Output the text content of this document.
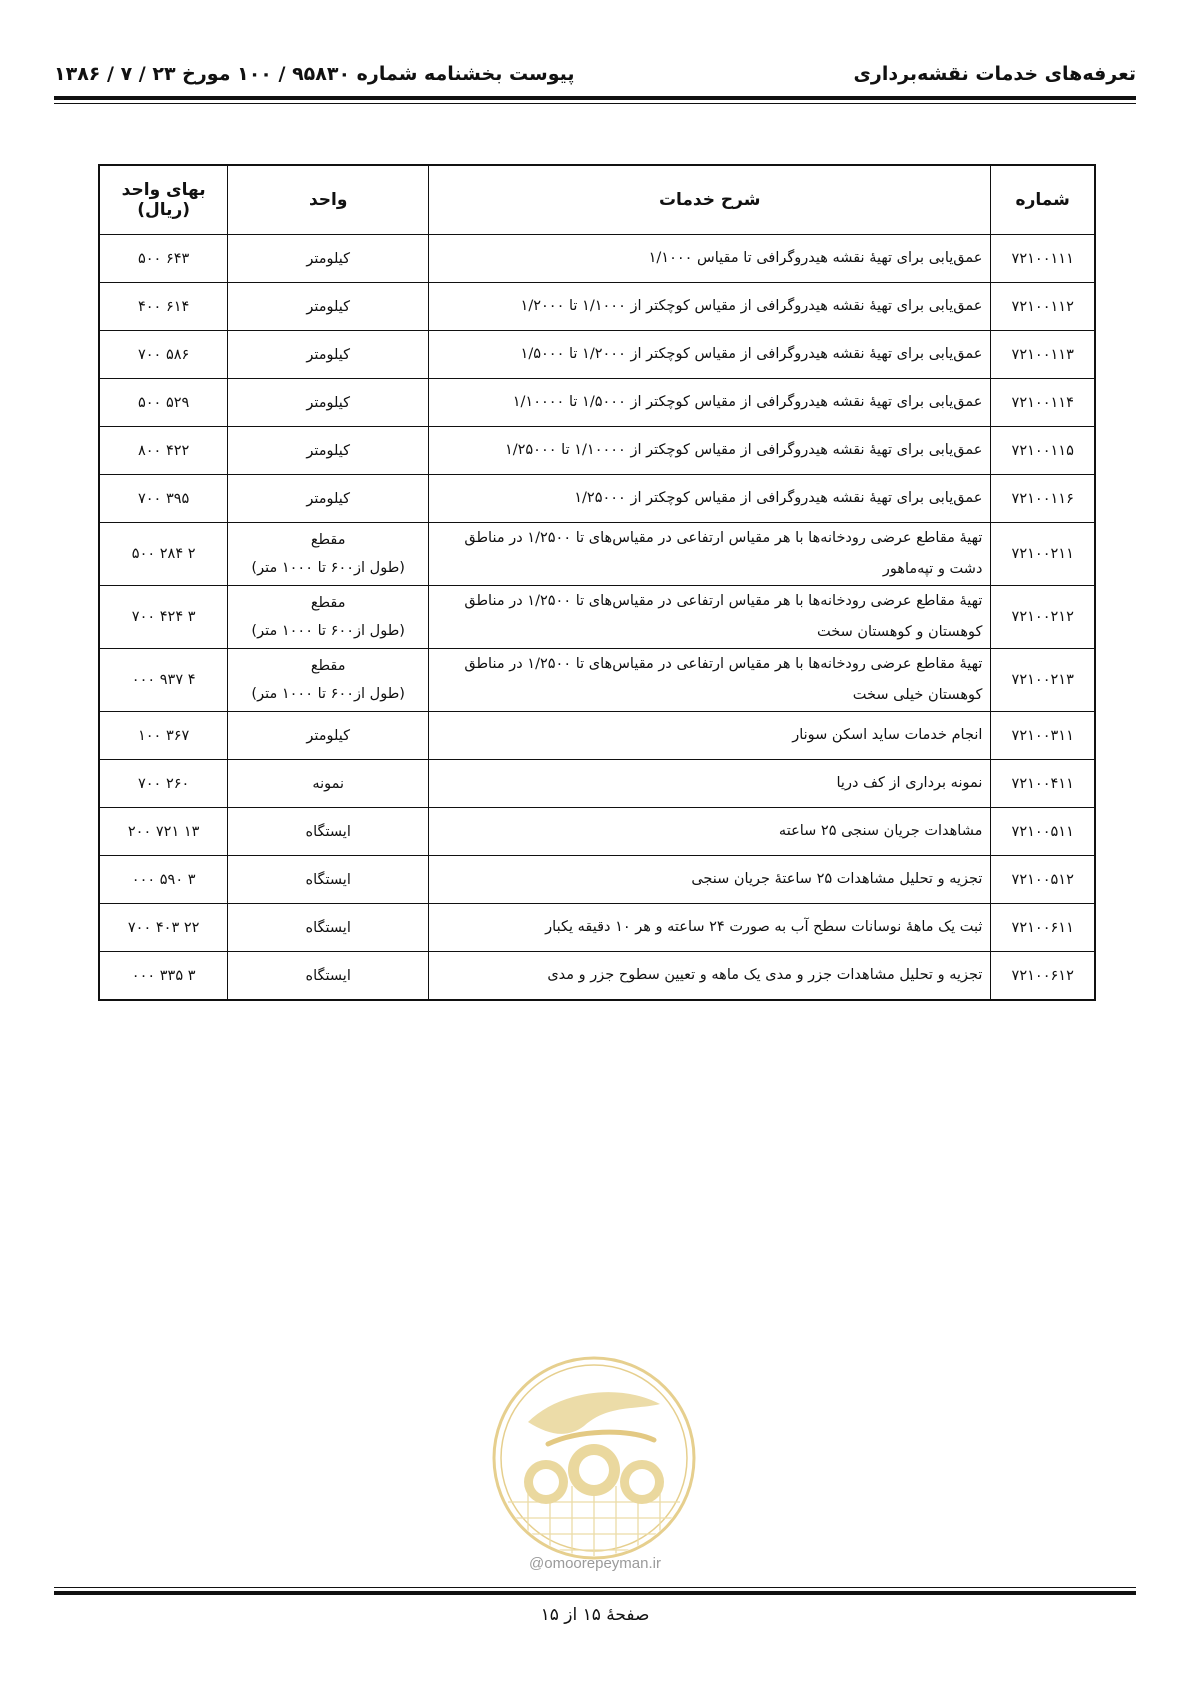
تعرفه‌های خدمات نقشه‌برداری
پیوست بخشنامه شماره ۹۵۸۳۰ / ۱۰۰ مورخ ۲۳ / ۷ / ۱۳۸۶
شماره	شرح خدمات	واحد	بهای واحد
(ریال)

۷۲۱۰۰۱۱۱	عمق‌یابی برای تهیهٔ نقشه هیدروگرافی تا مقیاس ۱/۱۰۰۰	کیلومتر	۶۴۳ ۵۰۰
۷۲۱۰۰۱۱۲	عمق‌یابی برای تهیهٔ نقشه هیدروگرافی از مقیاس کوچکتر از ۱/۱۰۰۰ تا ۱/۲۰۰۰	کیلومتر	۶۱۴ ۴۰۰
۷۲۱۰۰۱۱۳	عمق‌یابی برای تهیهٔ نقشه هیدروگرافی از مقیاس کوچکتر از ۱/۲۰۰۰ تا ۱/۵۰۰۰	کیلومتر	۵۸۶ ۷۰۰
۷۲۱۰۰۱۱۴	عمق‌یابی برای تهیهٔ نقشه هیدروگرافی از مقیاس کوچکتر از ۱/۵۰۰۰ تا ۱/۱۰۰۰۰	کیلومتر	۵۲۹ ۵۰۰
۷۲۱۰۰۱۱۵	عمق‌یابی برای تهیهٔ نقشه هیدروگرافی از مقیاس کوچکتر از ۱/۱۰۰۰۰ تا ۱/۲۵۰۰۰	کیلومتر	۴۲۲ ۸۰۰
۷۲۱۰۰۱۱۶	عمق‌یابی برای تهیهٔ نقشه هیدروگرافی از مقیاس کوچکتر از ۱/۲۵۰۰۰	کیلومتر	۳۹۵ ۷۰۰
۷۲۱۰۰۲۱۱	تهیهٔ مقاطع عرضی رودخانه‌ها با هر مقیاس ارتفاعی در مقیاس‌های تا ۱/۲۵۰۰ در مناطق دشت و تپه‌ماهور	مقطع
(طول از۶۰۰ تا ۱۰۰۰ متر)	۲ ۲۸۴ ۵۰۰
۷۲۱۰۰۲۱۲	تهیهٔ مقاطع عرضی رودخانه‌ها با هر مقیاس ارتفاعی در مقیاس‌های تا ۱/۲۵۰۰ در مناطق کوهستان و کوهستان سخت	مقطع
(طول از۶۰۰ تا ۱۰۰۰ متر)	۳ ۴۲۴ ۷۰۰
۷۲۱۰۰۲۱۳	تهیهٔ مقاطع عرضی رودخانه‌ها با هر مقیاس ارتفاعی در مقیاس‌های تا ۱/۲۵۰۰ در مناطق کوهستان خیلی سخت	مقطع
(طول از۶۰۰ تا ۱۰۰۰ متر)	۴ ۹۳۷ ۰۰۰
۷۲۱۰۰۳۱۱	انجام خدمات ساید اسکن سونار	کیلومتر	۳۶۷ ۱۰۰
۷۲۱۰۰۴۱۱	نمونه برداری از کف دریا	نمونه	۲۶۰ ۷۰۰
۷۲۱۰۰۵۱۱	مشاهدات جریان سنجی ۲۵ ساعته	ایستگاه	۱۳ ۷۲۱ ۲۰۰
۷۲۱۰۰۵۱۲	تجزیه و تحلیل مشاهدات ۲۵ ساعتهٔ جریان سنجی	ایستگاه	۳ ۵۹۰ ۰۰۰
۷۲۱۰۰۶۱۱	ثبت یک ماههٔ نوسانات سطح آب به صورت ۲۴ ساعته و هر ۱۰ دقیقه یکبار	ایستگاه	۲۲ ۴۰۳ ۷۰۰
۷۲۱۰۰۶۱۲	تجزیه و تحلیل مشاهدات جزر و مدی یک ماهه و تعیین سطوح جزر و مدی	ایستگاه	۳ ۳۳۵ ۰۰۰
@omoorepeyman.ir
صفحهٔ ۱۵ از ۱۵
